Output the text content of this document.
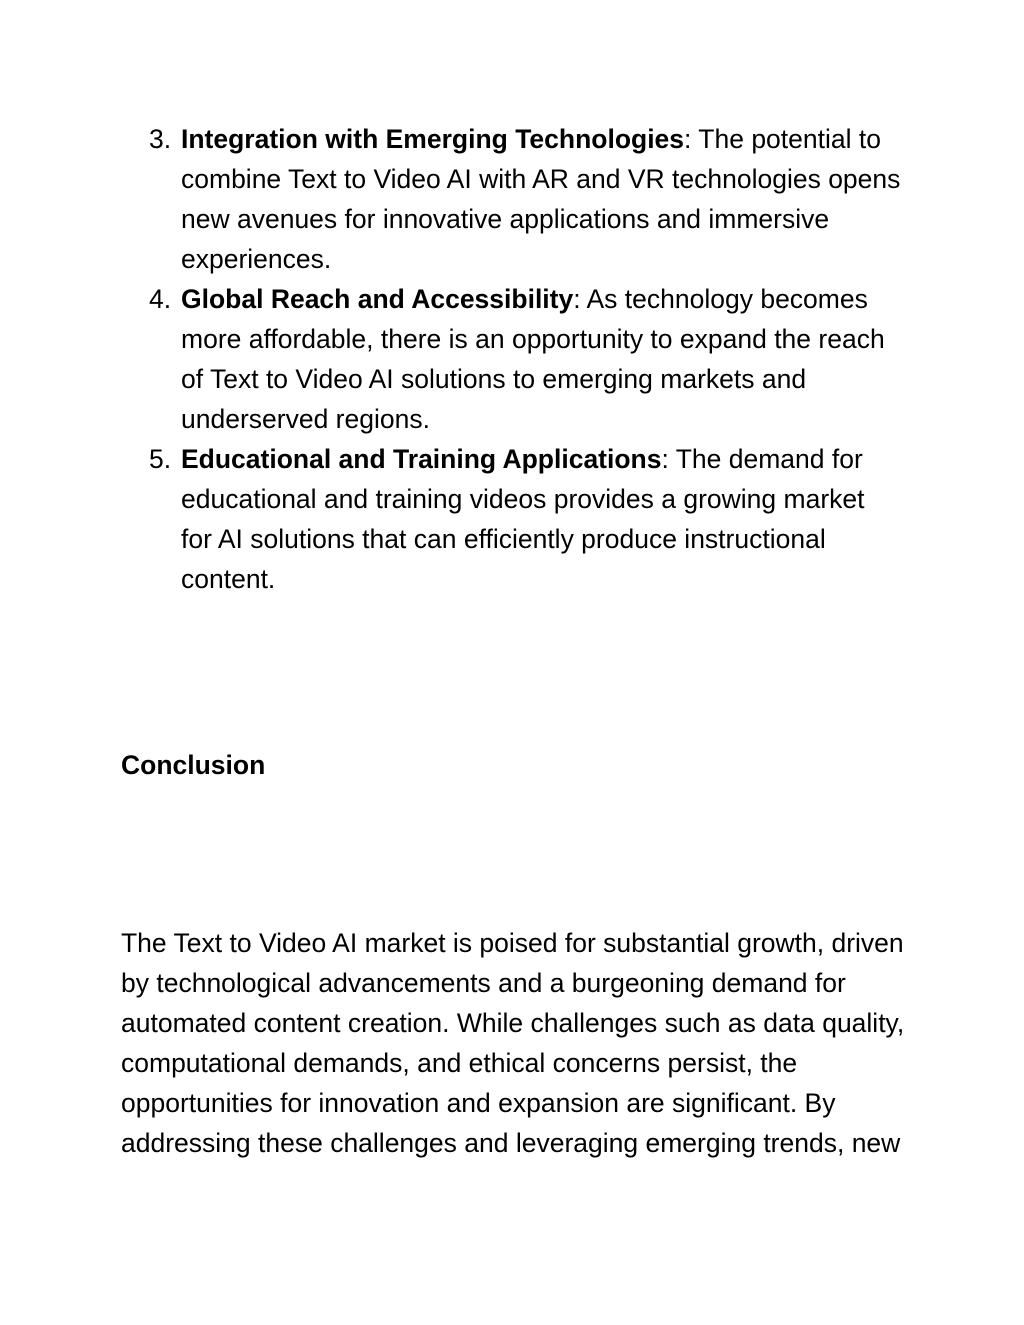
3. Integration with Emerging Technologies: The potential to combine Text to Video AI with AR and VR technologies opens new avenues for innovative applications and immersive experiences.
4. Global Reach and Accessibility: As technology becomes more affordable, there is an opportunity to expand the reach of Text to Video AI solutions to emerging markets and underserved regions.
5. Educational and Training Applications: The demand for educational and training videos provides a growing market for AI solutions that can efficiently produce instructional content.
Conclusion

The Text to Video AI market is poised for substantial growth, driven by technological advancements and a burgeoning demand for automated content creation. While challenges such as data quality, computational demands, and ethical concerns persist, the opportunities for innovation and expansion are significant. By addressing these challenges and leveraging emerging trends, new
